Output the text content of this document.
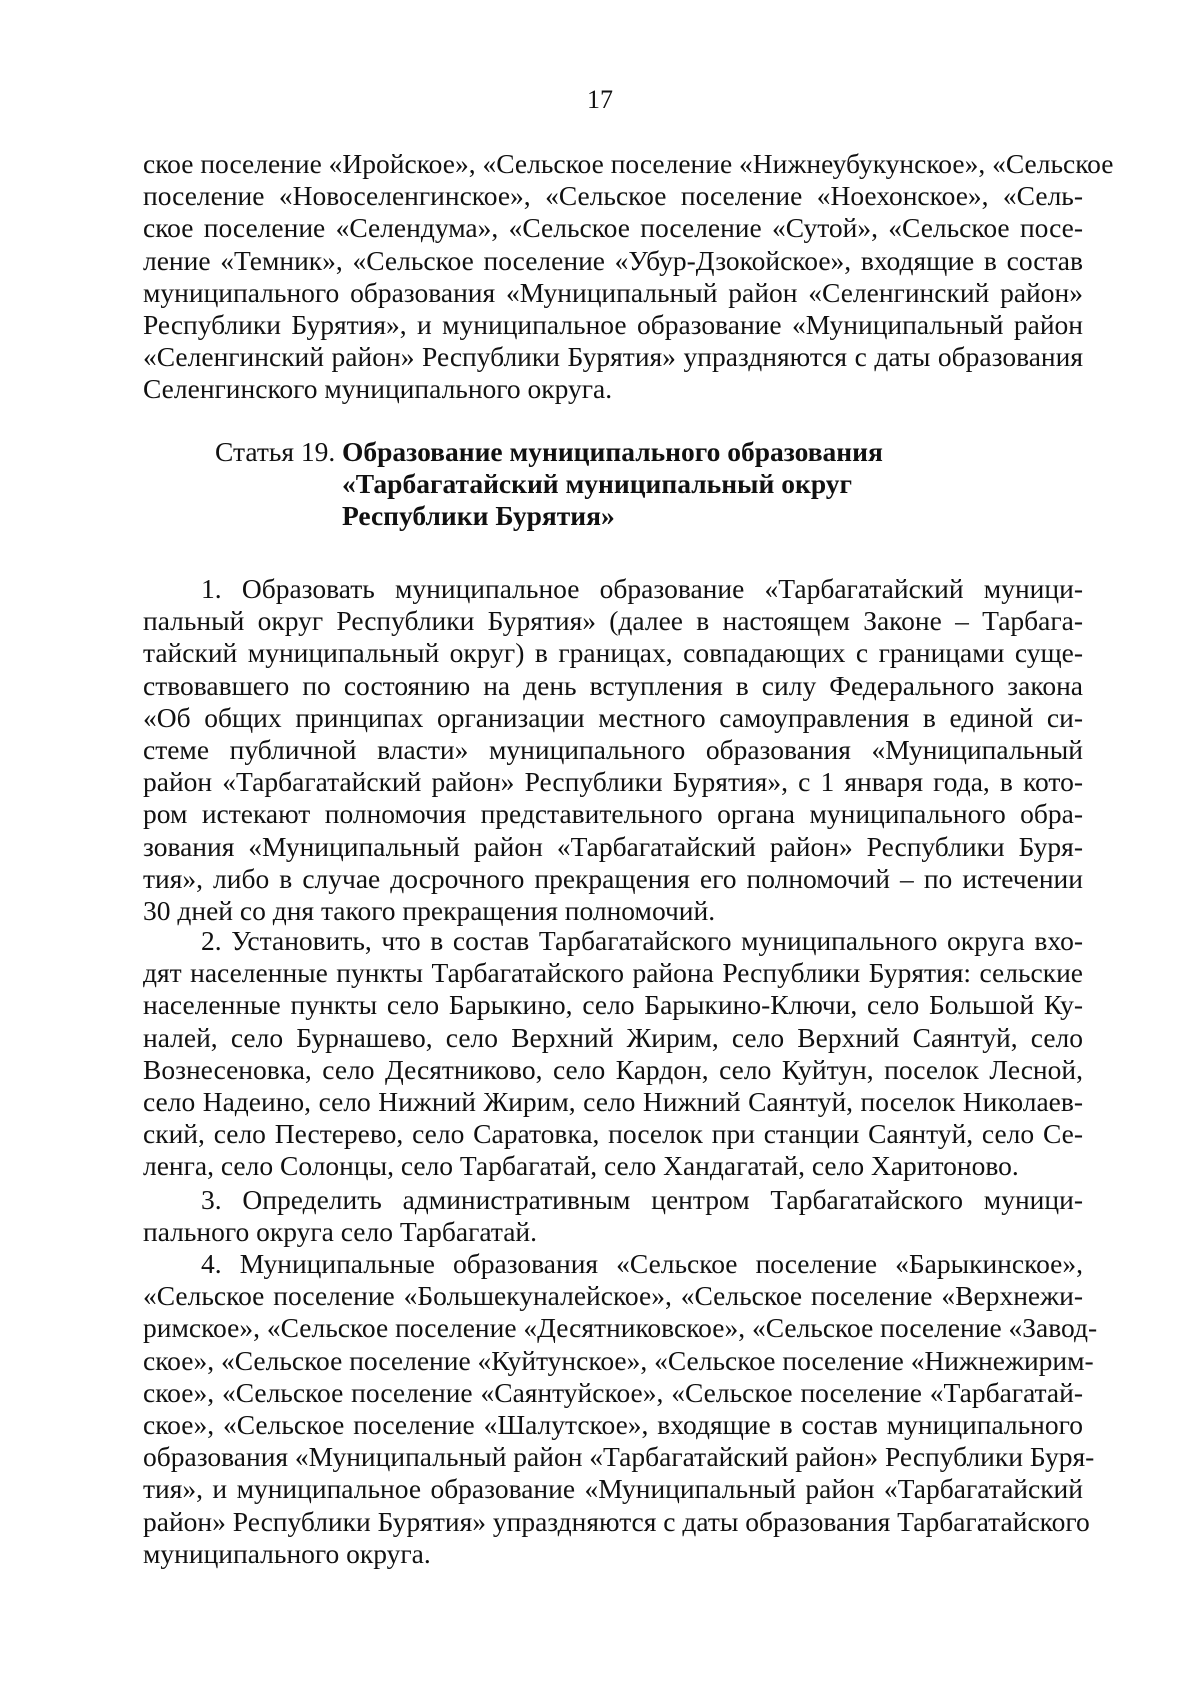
17
ское поселение «Иройское», «Сельское поселение «Нижнеубукунское», «Сельское
поселение «Новоселенгинское», «Сельское поселение «Ноехонское», «Сель-
ское поселение «Селендума», «Сельское поселение «Сутой», «Сельское посе-
ление «Темник», «Сельское поселение «Убур-Дзокойское», входящие в состав
муниципального образования «Муниципальный район «Селенгинский район»
Республики Бурятия», и муниципальное образование «Муниципальный район
«Селенгинский район» Республики Бурятия» упраздняются с даты образования
Селенгинского муниципального округа.
Статья 19. Образование муниципального образования
«Тарбагатайский муниципальный округ
Республики Бурятия»
1. Образовать муниципальное образование «Тарбагатайский муници-
пальный округ Республики Бурятия» (далее в настоящем Законе – Тарбага-
тайский муниципальный округ) в границах, совпадающих с границами суще-
ствовавшего по состоянию на день вступления в силу Федерального закона
«Об общих принципах организации местного самоуправления в единой си-
стеме публичной власти» муниципального образования «Муниципальный
район «Тарбагатайский район» Республики Бурятия», с 1 января года, в кото-
ром истекают полномочия представительного органа муниципального обра-
зования «Муниципальный район «Тарбагатайский район» Республики Буря-
тия», либо в случае досрочного прекращения его полномочий – по истечении
30 дней со дня такого прекращения полномочий.
2. Установить, что в состав Тарбагатайского муниципального округа вхо-
дят населенные пункты Тарбагатайского района Республики Бурятия: сельские
населенные пункты село Барыкино, село Барыкино-Ключи, село Большой Ку-
налей, село Бурнашево, село Верхний Жирим, село Верхний Саянтуй, село
Вознесеновка, село Десятниково, село Кардон, село Куйтун, поселок Лесной,
село Надеино, село Нижний Жирим, село Нижний Саянтуй, поселок Николаев-
ский, село Пестерево, село Саратовка, поселок при станции Саянтуй, село Се-
ленга, село Солонцы, село Тарбагатай, село Хандагатай, село Харитоново.
3. Определить административным центром Тарбагатайского муници-
пального округа село Тарбагатай.
4. Муниципальные образования «Сельское поселение «Барыкинское»,
«Сельское поселение «Большекуналейское», «Сельское поселение «Верхнежи-
римское», «Сельское поселение «Десятниковское», «Сельское поселение «Завод-
ское», «Сельское поселение «Куйтунское», «Сельское поселение «Нижнежирим-
ское», «Сельское поселение «Саянтуйское», «Сельское поселение «Тарбагатай-
ское», «Сельское поселение «Шалутское», входящие в состав муниципального
образования «Муниципальный район «Тарбагатайский район» Республики Буря-
тия», и муниципальное образование «Муниципальный район «Тарбагатайский
район» Республики Бурятия» упраздняются с даты образования Тарбагатайского
муниципального округа.
